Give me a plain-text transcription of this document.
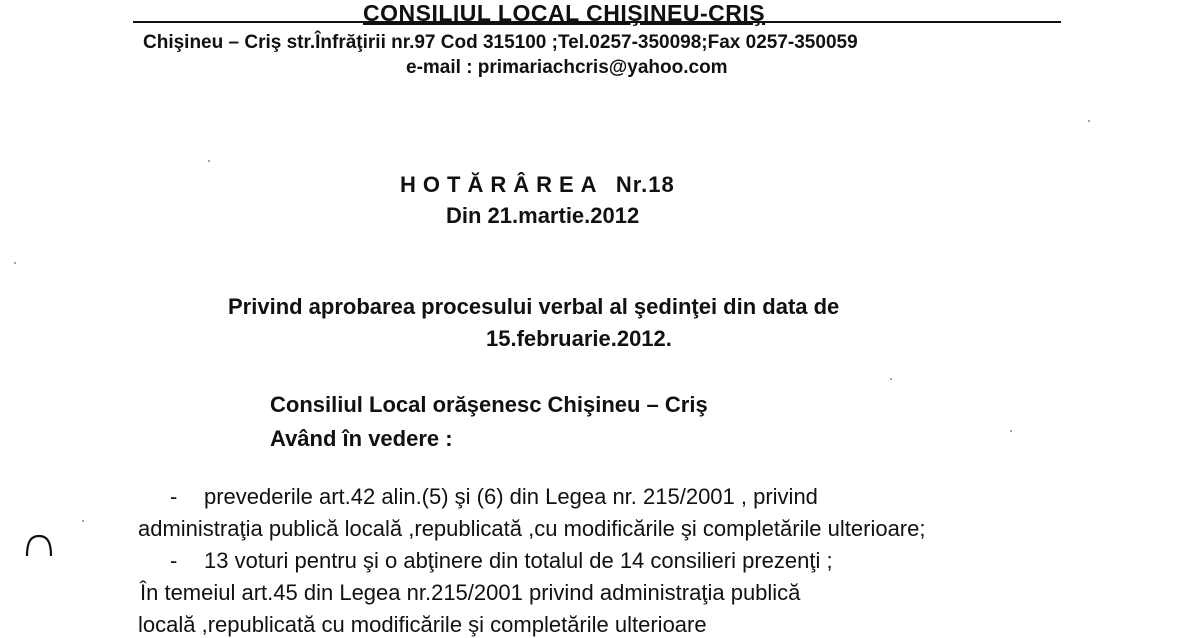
CONSILIUL LOCAL CHIŞINEU-CRIŞ
Chişineu – Criş str.Înfrăţirii nr.97 Cod 315100 ;Tel.0257-350098;Fax 0257-350059
e-mail : primariachcris@yahoo.com
HOTĂRÂREA Nr.18
Din 21.martie.2012
Privind aprobarea procesului verbal al şedinţei din data de
15.februarie.2012.
Consiliul Local orăşenesc Chişineu – Criş
Având în vedere :
- prevederile art.42 alin.(5) şi (6) din Legea nr. 215/2001 , privind
administraţia publică locală ,republicată ,cu modificările şi completările ulterioare;
- 13 voturi pentru şi o abţinere din totalul de 14 consilieri prezenţi ;
În temeiul art.45 din Legea nr.215/2001 privind administraţia publică
locală ,republicată cu modificările şi completările ulterioare
